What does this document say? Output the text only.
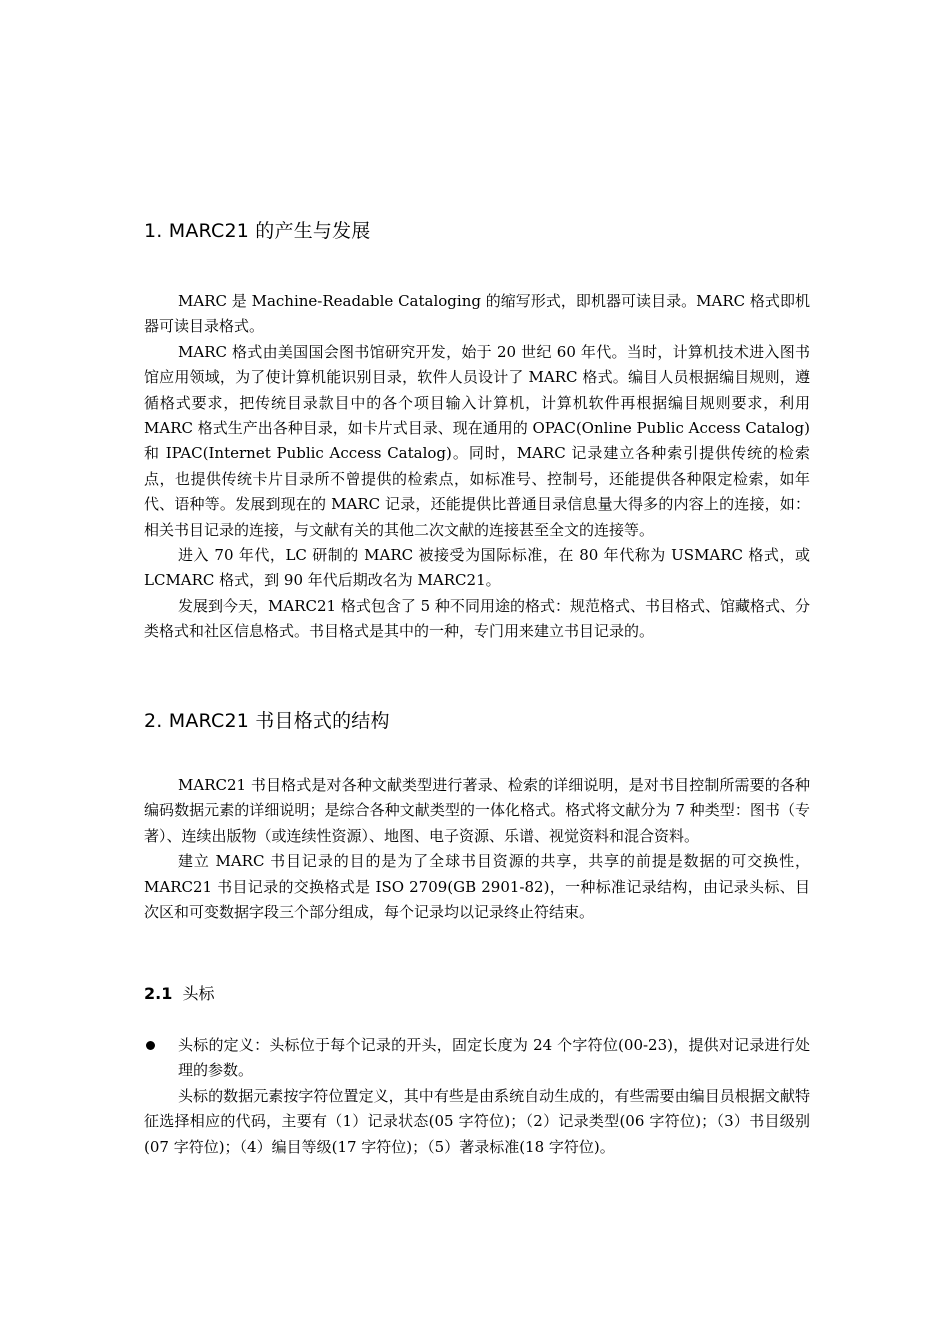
1. MARC21 的产生与发展

MARC 是 Machine-Readable Cataloging 的缩写形式，即机器可读目录。MARC 格式即机器可读目录格式。

MARC 格式由美国国会图书馆研究开发，始于 20 世纪 60 年代。当时，计算机技术进入图书馆应用领域，为了使计算机能识别目录，软件人员设计了 MARC 格式。编目人员根据编目规则，遵循格式要求，把传统目录款目中的各个项目输入计算机，计算机软件再根据编目规则要求，利用 MARC 格式生产出各种目录，如卡片式目录、现在通用的 OPAC(Online Public Access Catalog)和 IPAC(Internet Public Access Catalog)。同时，MARC 记录建立各种索引提供传统的检索点，也提供传统卡片目录所不曾提供的检索点，如标准号、控制号，还能提供各种限定检索，如年代、语种等。发展到现在的 MARC 记录，还能提供比普通目录信息量大得多的内容上的连接，如：相关书目记录的连接，与文献有关的其他二次文献的连接甚至全文的连接等。

进入 70 年代，LC 研制的 MARC 被接受为国际标准，在 80 年代称为 USMARC 格式，或 LCMARC 格式，到 90 年代后期改名为 MARC21。

发展到今天，MARC21 格式包含了 5 种不同用途的格式：规范格式、书目格式、馆藏格式、分类格式和社区信息格式。书目格式是其中的一种，专门用来建立书目记录的。

2. MARC21 书目格式的结构

MARC21 书目格式是对各种文献类型进行著录、检索的详细说明，是对书目控制所需要的各种编码数据元素的详细说明；是综合各种文献类型的一体化格式。格式将文献分为 7 种类型：图书（专著）、连续出版物（或连续性资源）、地图、电子资源、乐谱、视觉资料和混合资料。

建立 MARC 书目记录的目的是为了全球书目资源的共享，共享的前提是数据的可交换性，MARC21 书目记录的交换格式是 ISO 2709(GB 2901-82)，一种标准记录结构，由记录头标、目次区和可变数据字段三个部分组成，每个记录均以记录终止符结束。

2.1 头标

头标的定义：头标位于每个记录的开头，固定长度为 24 个字符位(00-23)，提供对记录进行处理的参数。

头标的数据元素按字符位置定义，其中有些是由系统自动生成的，有些需要由编目员根据文献特征选择相应的代码，主要有（1）记录状态(05 字符位)；（2）记录类型(06 字符位)；（3）书目级别(07 字符位)；（4）编目等级(17 字符位)；（5）著录标准(18 字符位)。
